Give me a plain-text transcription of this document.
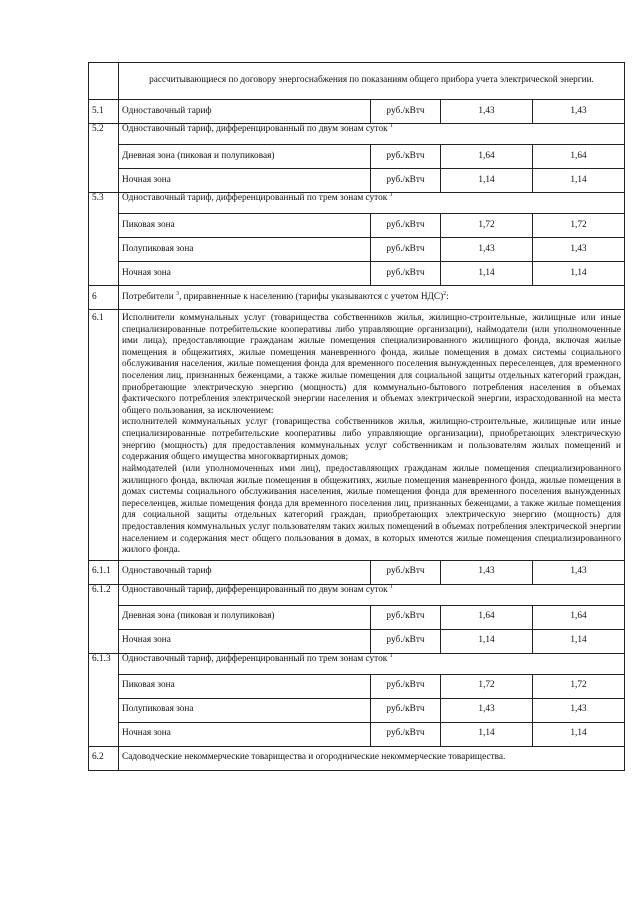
	рассчитывающиеся по договору энергоснабжения по показаниям общего прибора учета электрической энергии.			
5.1	Одноставочный тариф	руб./кВтч	1,43	1,43
5.2	Одноставочный тариф, дифференцированный по двум зонам суток $^1$
	Дневная зона (пиковая и полупиковая)	руб./кВтч	1,64	1,64
	Ночная зона	руб./кВтч	1,14	1,14
5.3	Одноставочный тариф, дифференцированный по трем зонам суток $^1$
	Пиковая зона	руб./кВтч	1,72	1,72
	Полупиковая зона	руб./кВтч	1,43	1,43
	Ночная зона	руб./кВтч	1,14	1,14
6	Потребители $^3$, приравненные к населению (тарифы указываются с учетом НДС)$^2$:			
6.1	Исполнители коммунальных услуг (товарищества собственников жилья, жилищно-строительные, жилищные или иные специализированные потребительские кооперативы либо управляющие организации), наймодатели (или уполномоченные ими лица), предоставляющие гражданам жилые помещения специализированного жилищного фонда, включая жилые помещения в общежитиях, жилые помещения маневренного фонда, жилые помещения в домах системы социального обслуживания населения, жилые помещения фонда для временного поселения вынужденных переселенцев, для временного поселения лиц, признанных беженцами, а также жилые помещения для социальной защиты отдельных категорий граждан, приобретающие электрическую энергию (мощность) для коммунально-бытового потребления населения в объемах фактического потребления электрической энергии населения и объемах электрической энергии, израсходованной на места общего пользования, за исключением:
исполнителей коммунальных услуг (товарищества собственников жилья, жилищно-строительные, жилищные или иные специализированные потребительские кооперативы либо управляющие организации), приобретающих электрическую энергию (мощность) для предоставления коммунальных услуг собственникам и пользователям жилых помещений и содержания общего имущества многоквартирных домов;
наймодателей (или уполномоченных ими лиц), предоставляющих гражданам жилые помещения специализированного жилищного фонда, включая жилые помещения в общежитиях, жилые помещения маневренного фонда, жилые помещения в домах системы социального обслуживания населения, жилые помещения фонда для временного поселения вынужденных переселенцев, жилые помещения фонда для временного поселения лиц, признанных беженцами, а также жилые помещения для социальной защиты отдельных категорий граждан, приобретающих электрическую энергию (мощность) для предоставления коммунальных услуг пользователям таких жилых помещений в объемах потребления электрической энергии населением и содержания мест общего пользования в домах, в которых имеются жилые помещения специализированного жилого фонда.			

6.1.1	Одноставочный тариф	руб./кВтч	1,43	1,43
6.1.2	Одноставочный тариф, дифференцированный по двум зонам суток $^1$
	Дневная зона (пиковая и полупиковая)	руб./кВтч	1,64	1,64
	Ночная зона	руб./кВтч	1,14	1,14
6.1.3	Одноставочный тариф, дифференцированный по трем зонам суток $^1$
	Пиковая зона	руб./кВтч	1,72	1,72
	Полупиковая зона	руб./кВтч	1,43	1,43
	Ночная зона	руб./кВтч	1,14	1,14
6.2	Садоводческие некоммерческие товарищества и огороднические некоммерческие товарищества.			
